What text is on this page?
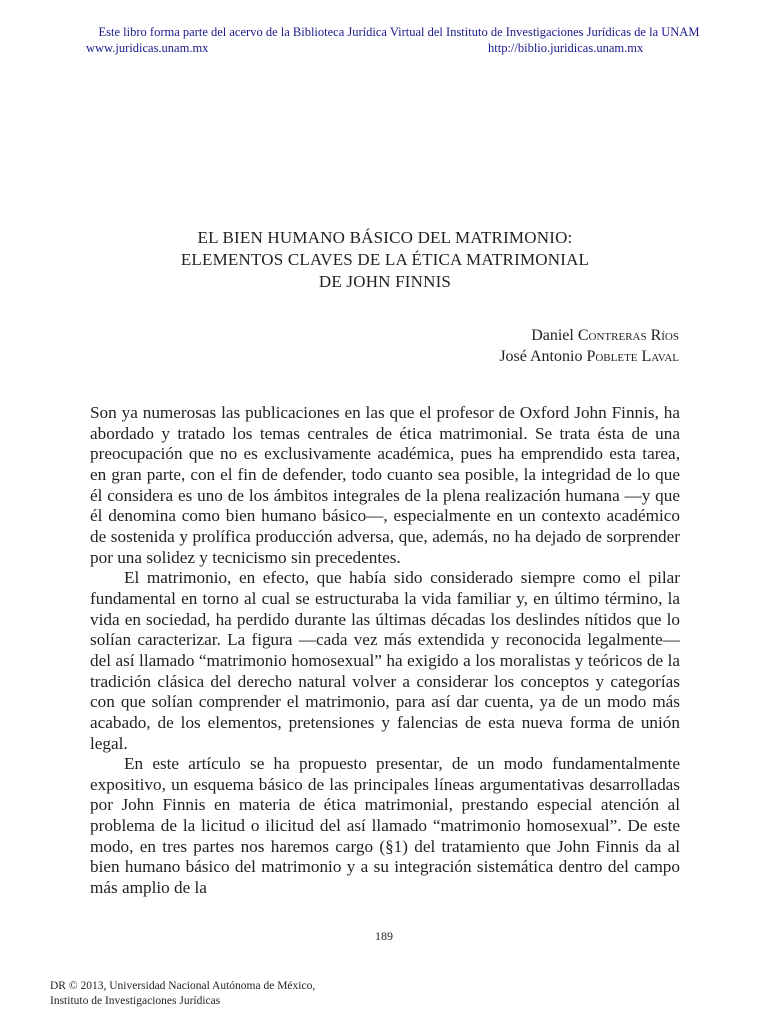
Este libro forma parte del acervo de la Biblioteca Jurídica Virtual del Instituto de Investigaciones Jurídicas de la UNAM
www.juridicas.unam.mx	http://biblio.juridicas.unam.mx
EL BIEN HUMANO BÁSICO DEL MATRIMONIO:
ELEMENTOS CLAVES DE LA ÉTICA MATRIMONIAL
DE JOHN FINNIS
Daniel Contreras Ríos
José Antonio Poblete Laval

Son ya numerosas las publicaciones en las que el profesor de Oxford John Finnis, ha abordado y tratado los temas centrales de ética matrimonial. Se trata ésta de una preocupación que no es exclusivamente académica, pues ha emprendido esta tarea, en gran parte, con el fin de defender, todo cuanto sea posible, la integridad de lo que él considera es uno de los ámbitos integrales de la plena realización humana —y que él denomina como bien humano básico—, especialmente en un contexto académico de sostenida y prolífica producción adversa, que, además, no ha dejado de sorprender por una solidez y tecnicismo sin precedentes.

El matrimonio, en efecto, que había sido considerado siempre como el pilar fundamental en torno al cual se estructuraba la vida familiar y, en último término, la vida en sociedad, ha perdido durante las últimas décadas los deslindes nítidos que lo solían caracterizar. La figura —cada vez más extendida y reconocida legalmente— del así llamado “matrimonio homosexual” ha exigido a los moralistas y teóricos de la tradición clásica del derecho natural volver a considerar los conceptos y categorías con que solían comprender el matrimonio, para así dar cuenta, ya de un modo más acabado, de los elementos, pretensiones y falencias de esta nueva forma de unión legal.

En este artículo se ha propuesto presentar, de un modo fundamentalmente expositivo, un esquema básico de las principales líneas argumentativas desarrolladas por John Finnis en materia de ética matrimonial, prestando especial atención al problema de la licitud o ilicitud del así llamado “matrimonio homosexual”. De este modo, en tres partes nos haremos cargo (§1) del tratamiento que John Finnis da al bien humano básico del matrimonio y a su integración sistemática dentro del campo más amplio de la

189
DR © 2013, Universidad Nacional Autónoma de México,
Instituto de Investigaciones Jurídicas
